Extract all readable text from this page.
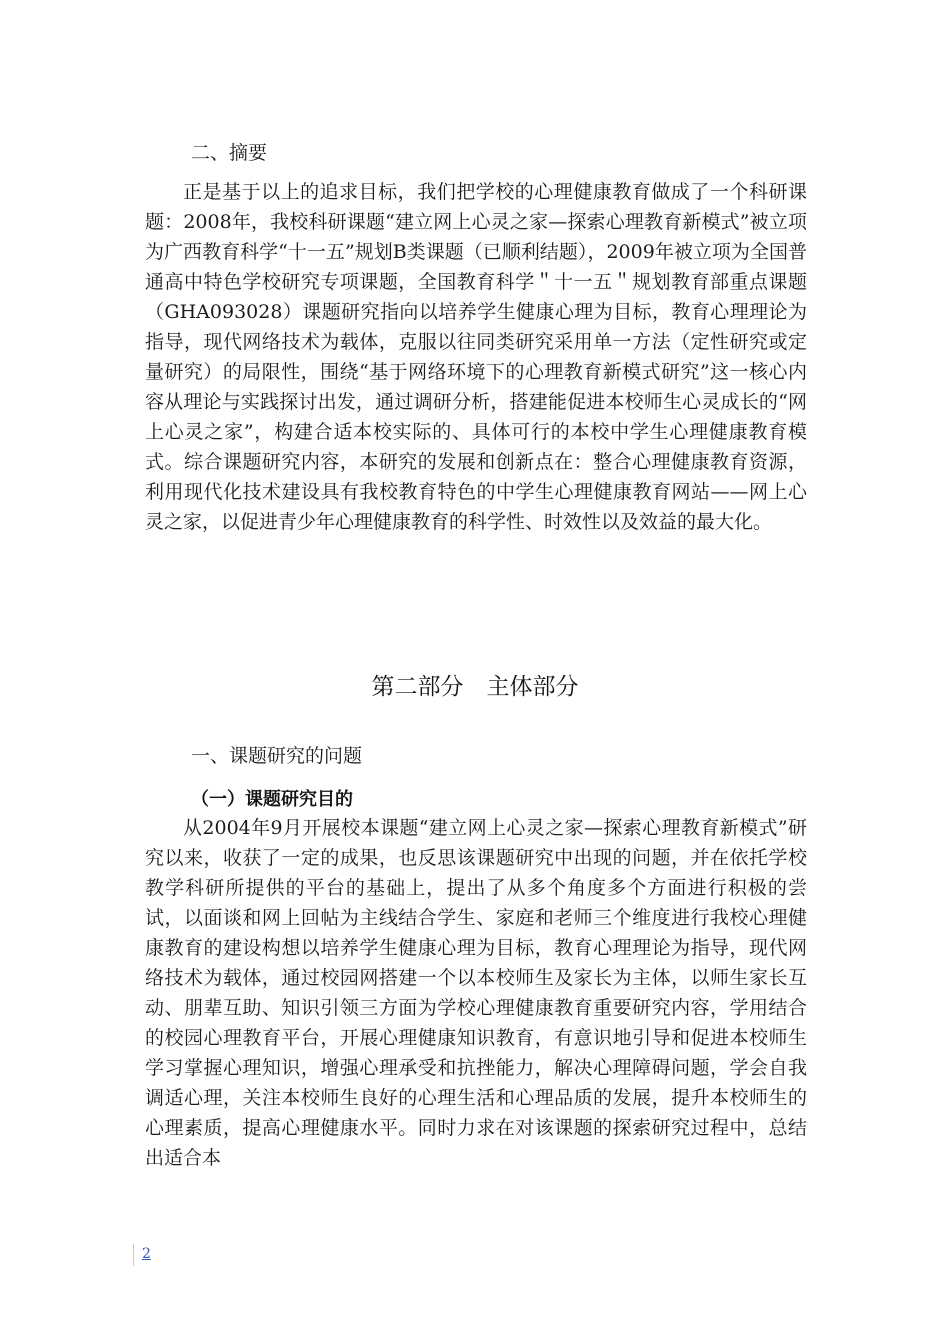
二、摘要

正是基于以上的追求目标，我们把学校的心理健康教育做成了一个科研课题：2008年，我校科研课题“建立网上心灵之家—探索心理教育新模式”被立项为广西教育科学“十一五”规划B类课题（已顺利结题），2009年被立项为全国普通高中特色学校研究专项课题，全国教育科学＂十一五＂规划教育部重点课题（GHA093028）课题研究指向以培养学生健康心理为目标，教育心理理论为指导，现代网络技术为载体，克服以往同类研究采用单一方法（定性研究或定量研究）的局限性，围绕“基于网络环境下的心理教育新模式研究”这一核心内容从理论与实践探讨出发，通过调研分析，搭建能促进本校师生心灵成长的“网上心灵之家”，构建合适本校实际的、具体可行的本校中学生心理健康教育模式。综合课题研究内容，本研究的发展和创新点在：整合心理健康教育资源，利用现代化技术建设具有我校教育特色的中学生心理健康教育网站——网上心灵之家，以促进青少年心理健康教育的科学性、时效性以及效益的最大化。

第二部分　主体部分
一、课题研究的问题
（一）课题研究目的

从2004年9月开展校本课题“建立网上心灵之家—探索心理教育新模式”研究以来，收获了一定的成果，也反思该课题研究中出现的问题，并在依托学校教学科研所提供的平台的基础上，提出了从多个角度多个方面进行积极的尝试，以面谈和网上回帖为主线结合学生、家庭和老师三个维度进行我校心理健康教育的建设构想以培养学生健康心理为目标，教育心理理论为指导，现代网络技术为载体，通过校园网搭建一个以本校师生及家长为主体，以师生家长互动、朋辈互助、知识引领三方面为学校心理健康教育重要研究内容，学用结合的校园心理教育平台，开展心理健康知识教育，有意识地引导和促进本校师生学习掌握心理知识，增强心理承受和抗挫能力，解决心理障碍问题，学会自我调适心理，关注本校师生良好的心理生活和心理品质的发展，提升本校师生的心理素质，提高心理健康水平。同时力求在对该课题的探索研究过程中，总结出适合本

2
